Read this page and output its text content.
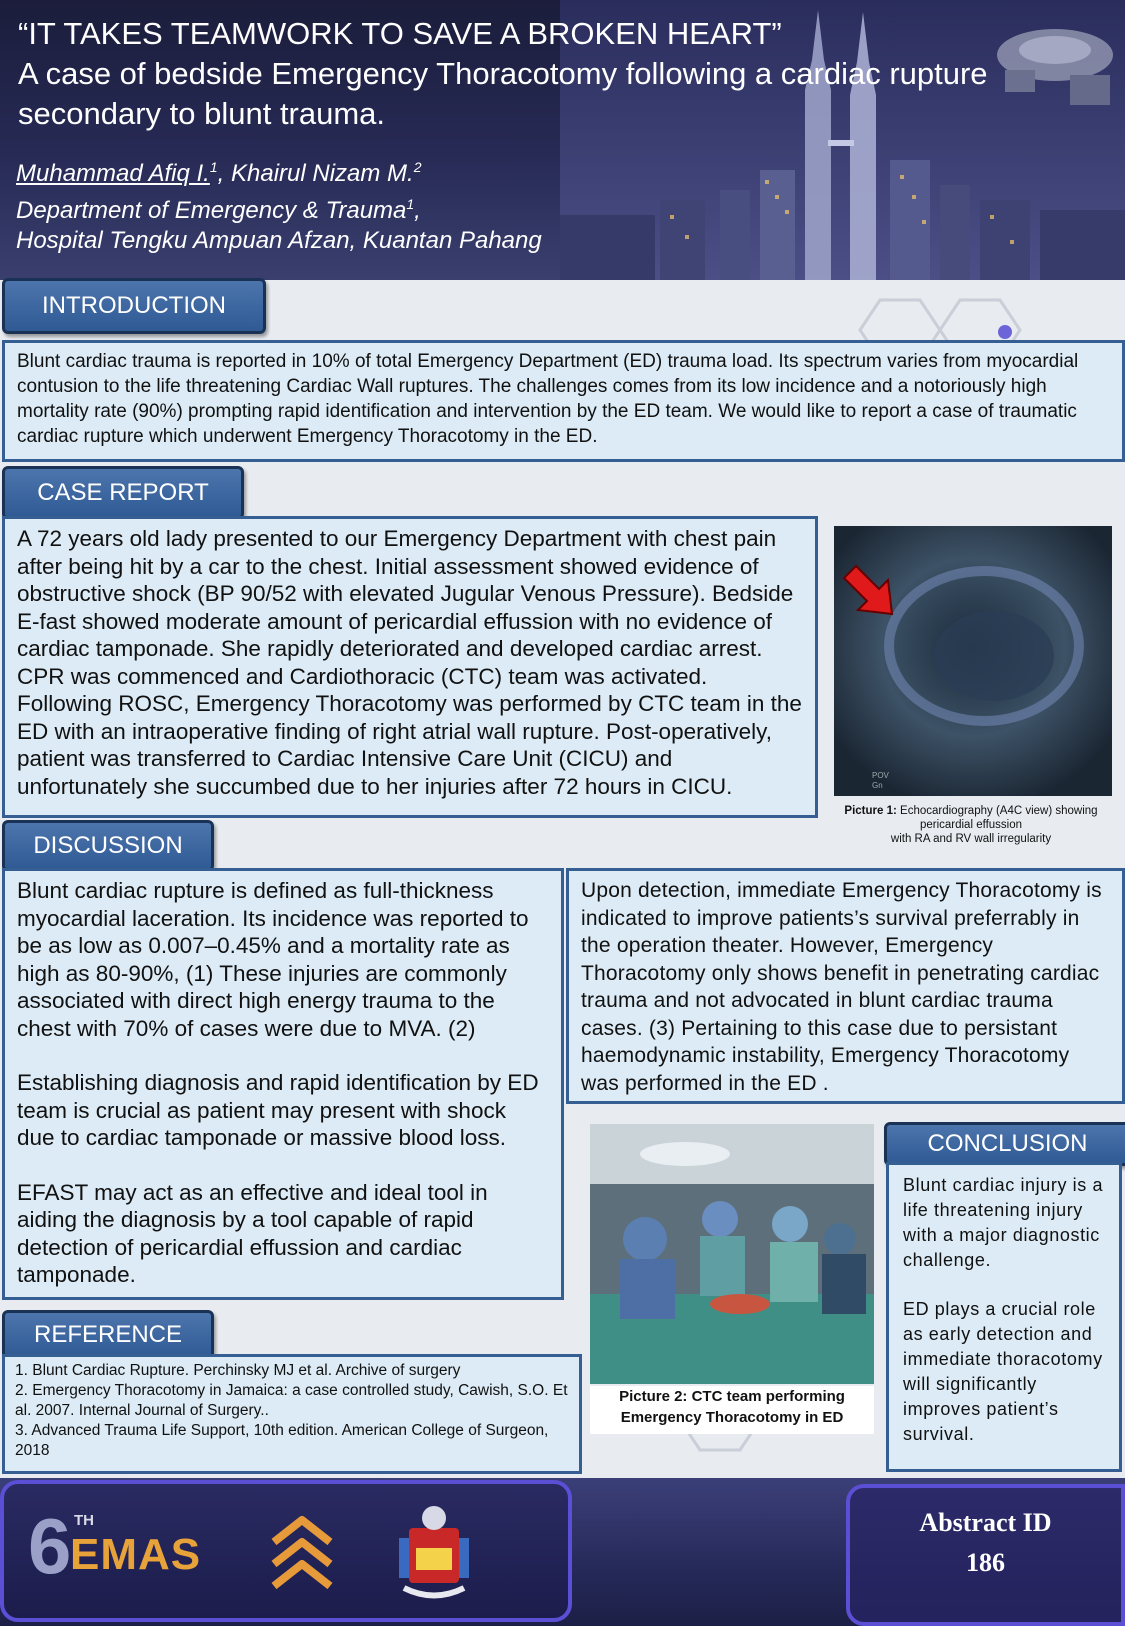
“IT TAKES TEAMWORK TO SAVE A BROKEN HEART”
A case of bedside Emergency Thoracotomy following a cardiac rupture secondary to blunt trauma.
Muhammad Afiq I.$^1$, Khairul Nizam M.$^2$
Department of Emergency & Trauma$^1$,
Hospital Tengku Ampuan Afzan, Kuantan Pahang
INTRODUCTION
Blunt cardiac trauma is reported in 10% of total Emergency Department (ED) trauma load. Its spectrum varies from myocardial contusion to the life threatening Cardiac Wall ruptures. The challenges comes from its low incidence and a notoriously high mortality rate (90%) prompting rapid identification and intervention by the ED team. We would like to report a case of traumatic cardiac rupture which underwent Emergency Thoracotomy in the ED.
CASE REPORT
A 72 years old lady presented to our Emergency Department with chest pain after being hit by a car to the chest. Initial assessment showed evidence of obstructive shock (BP 90/52 with elevated Jugular Venous Pressure). Bedside E-fast showed moderate amount of pericardial effussion with no evidence of cardiac tamponade. She rapidly deteriorated and developed cardiac arrest. CPR was commenced and Cardiothoracic (CTC) team was activated. Following ROSC, Emergency Thoracotomy was performed by CTC team in the ED with an intraoperative finding of right atrial wall rupture. Post-operatively, patient was transferred to Cardiac Intensive Care Unit (CICU) and unfortunately she succumbed due to her injuries after 72 hours in CICU.	POV
Gn
Picture 1: Echocardiography (A4C view) showing
pericardial effussion
with RA and RV wall irregularity
DISCUSSION

Blunt cardiac rupture is defined as full-thickness myocardial laceration. Its incidence was reported to be as low as 0.007–0.45% and a mortality rate as high as 80-90%, (1) These injuries are commonly associated with direct high energy trauma to the chest with 70% of cases were due to MVA. (2)

Establishing diagnosis and rapid identification by ED team is crucial as patient may present with shock due to cardiac tamponade or massive blood loss.

EFAST may act as an effective and ideal tool in aiding the diagnosis by a tool capable of rapid detection of pericardial effussion and cardiac tamponade.

Upon detection, immediate Emergency Thoracotomy is indicated to improve patients’s survival preferrably in the operation theater. However, Emergency Thoracotomy only shows benefit in penetrating cardiac trauma and not advocated in blunt cardiac trauma cases. (3) Pertaining to this case due to persistant haemodynamic instability, Emergency Thoracotomy was performed in the ED .
REFERENCE
1. Blunt Cardiac Rupture. Perchinsky MJ et al. Archive of surgery
2. Emergency Thoracotomy in Jamaica: a case controlled study, Cawish, S.O. Et al. 2007. Internal Journal of Surgery..
3. Advanced Trauma Life Support, 10th edition. American College of Surgeon, 2018
Picture 2: CTC team performing
Emergency Thoracotomy in ED
CONCLUSION

Blunt cardiac injury is a life threatening injury with a major diagnostic challenge.

ED plays a crucial role as early detection and immediate thoracotomy will significantly improves patient’s survival.

6 TH
EMAS
Abstract ID
186
